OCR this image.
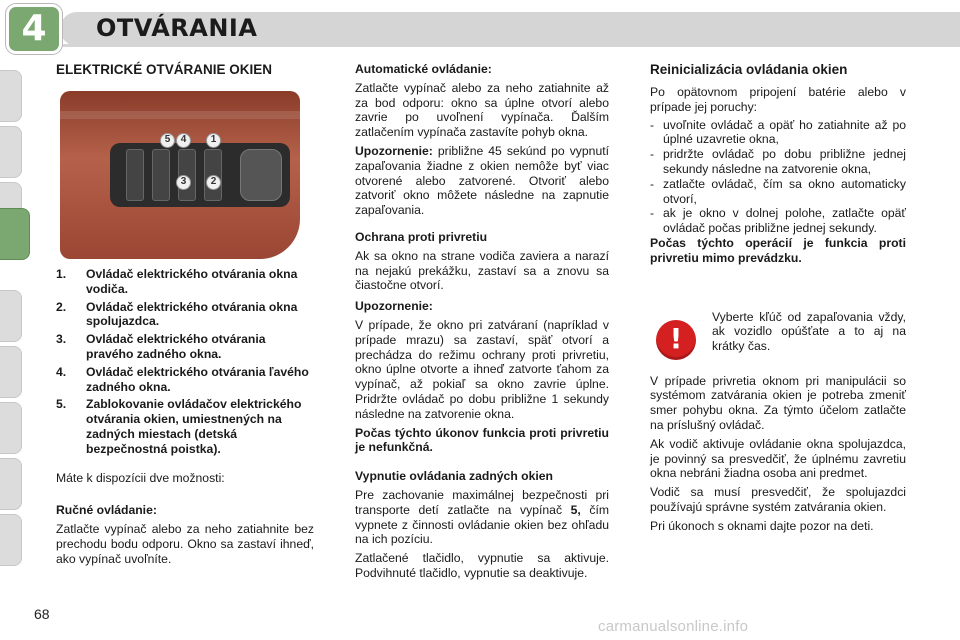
4 OTVÁRANIA
ELEKTRICKÉ OTVÁRANIE OKIEN
5	4	1
3	2
1.	Ovládač elektrického otvárania okna vodiča.
2.	Ovládač elektrického otvárania okna spolujazdca.
3.	Ovládač elektrického otvárania pravého zadného okna.
4.	Ovládač elektrického otvárania ľavého zadného okna.
5.	Zablokovanie ovládačov elektrického otvárania okien, umiestnených na zadných miestach (detská bezpečnostná poistka).

Máte k dispozícii dve možnosti:

Ručné ovládanie:

Zatlačte vypínač alebo za neho zatiahnite bez prechodu bodu odporu. Okno sa zastaví ihneď, ako vypínač uvoľníte.

Automatické ovládanie:

Zatlačte vypínač alebo za neho zatiahnite až za bod odporu: okno sa úplne otvorí alebo zavrie po uvoľnení vypínača. Ďalším zatlačením vypínača zastavíte pohyb okna.

Upozornenie: približne 45 sekúnd po vypnutí zapaľovania žiadne z okien nemôže byť viac otvorené alebo zatvorené. Otvoriť alebo zatvoriť okno môžete následne na zapnutie zapaľovania.

Ochrana proti privretiu

Ak sa okno na strane vodiča zaviera a narazí na nejakú prekážku, zastaví sa a znovu sa čiastočne otvorí.

Upozornenie:

V prípade, že okno pri zatváraní (napríklad v prípade mrazu) sa zastaví, späť otvorí a prechádza do režimu ochrany proti privretiu, okno úplne otvorte a ihneď zatvorte ťahom za vypínač, až pokiaľ sa okno zavrie úplne. Pridržte ovládač po dobu približne 1 sekundy následne na zatvorenie okna.

Počas týchto úkonov funkcia proti privretiu je nefunkčná.

Vypnutie ovládania zadných okien

Pre zachovanie maximálnej bezpečnosti pri transporte detí zatlačte na vypínač 5, čím vypnete z činnosti ovládanie okien bez ohľadu na ich pozíciu.

Zatlačené tlačidlo, vypnutie sa aktivuje. Podvihnuté tlačidlo, vypnutie sa deaktivuje.

Reinicializácia ovládania okien

Po opätovnom pripojení batérie alebo v prípade jej poruchy:

- uvoľnite ovládač a opäť ho zatiahnite až po úplné uzavretie okna,
- pridržte ovládač po dobu približne jednej sekundy následne na zatvorenie okna,
- zatlačte ovládač, čím sa okno automaticky otvorí,
- ak je okno v dolnej polohe, zatlačte opäť ovládač počas približne jednej sekundy.

Počas týchto operácií je funkcia proti privretiu mimo prevádzku.

!
Vyberte kľúč od zapaľovania vždy, ak vozidlo opúšťate a to aj na krátky čas.

V prípade privretia oknom pri manipulácii so systémom zatvárania okien je potreba zmeniť smer pohybu okna. Za týmto účelom zatlačte na príslušný ovládač.

Ak vodič aktivuje ovládanie okna spolujazdca, je povinný sa presvedčiť, že úplnému zavretiu okna nebráni žiadna osoba ani predmet.

Vodič sa musí presvedčiť, že spolujazdci používajú správne systém zatvárania okien.

Pri úkonoch s oknami dajte pozor na deti.

68
carmanualsonline.info
